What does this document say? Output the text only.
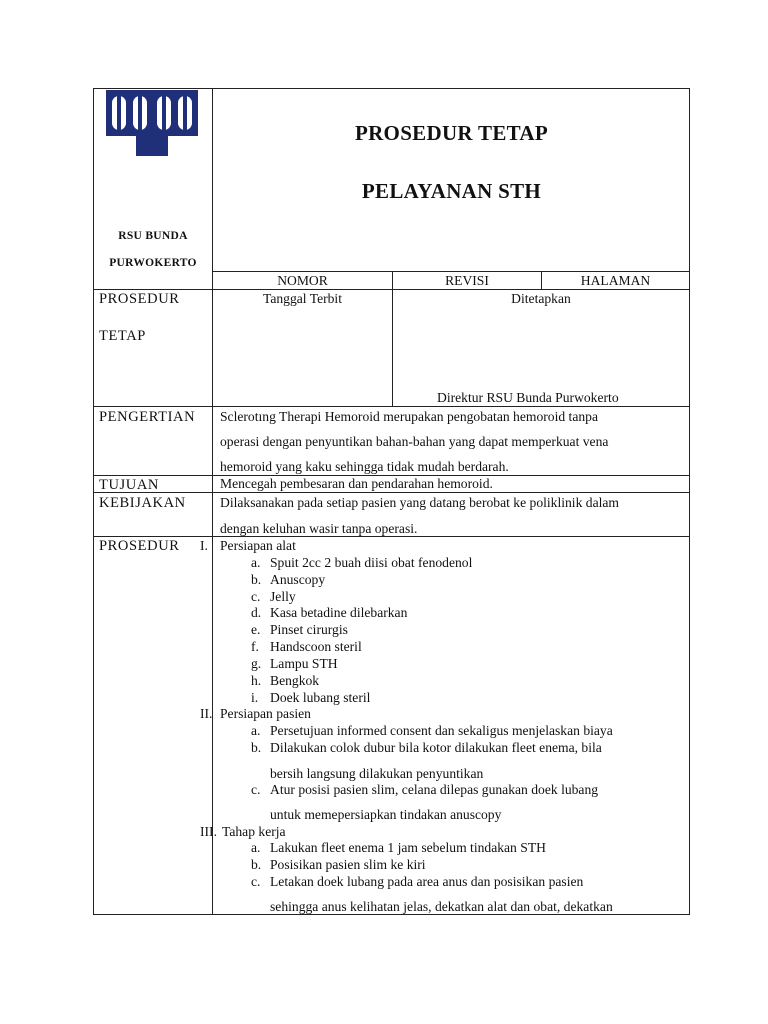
RSU BUNDA
PURWOKERTO
PROSEDUR TETAP
PELAYANAN STH
NOMOR	REVISI	HALAMAN
PROSEDUR
TETAP
Tanggal Terbit	Ditetapkan
Direktur RSU Bunda Purwokerto
PENGERTIAN Sclerotıng Therapi Hemoroid merupakan pengobatan hemoroid tanpa
operasi dengan penyuntikan bahan-bahan yang dapat memperkuat vena
hemoroid yang kaku sehingga tidak mudah berdarah.
TUJUAN	Mencegah pembesaran dan pendarahan hemoroid.
KEBIJAKAN	Dilaksanakan pada setiap pasien yang datang berobat ke poliklinik dalam
dengan keluhan wasir tanpa operasi.
PROSEDUR I. Persiapan alat
a. Spuit 2cc 2 buah diisi obat fenodenol
b. Anuscopy
c. Jelly
d. Kasa betadine dilebarkan
e. Pinset cirurgis
f. Handscoon steril
g. Lampu STH
h. Bengkok
i. Doek lubang steril
II. Persiapan pasien
a. Persetujuan informed consent dan sekaligus menjelaskan biaya
b. Dilakukan colok dubur bila kotor dilakukan fleet enema, bila
bersih langsung dilakukan penyuntikan
c. Atur posisi pasien slim, celana dilepas gunakan doek lubang
untuk memepersiapkan tindakan anuscopy
III. Tahap kerja
a. Lakukan fleet enema 1 jam sebelum tindakan STH
b. Posisikan pasien slim ke kiri
c. Letakan doek lubang pada area anus dan posisikan pasien
sehingga anus kelihatan jelas, dekatkan alat dan obat, dekatkan
